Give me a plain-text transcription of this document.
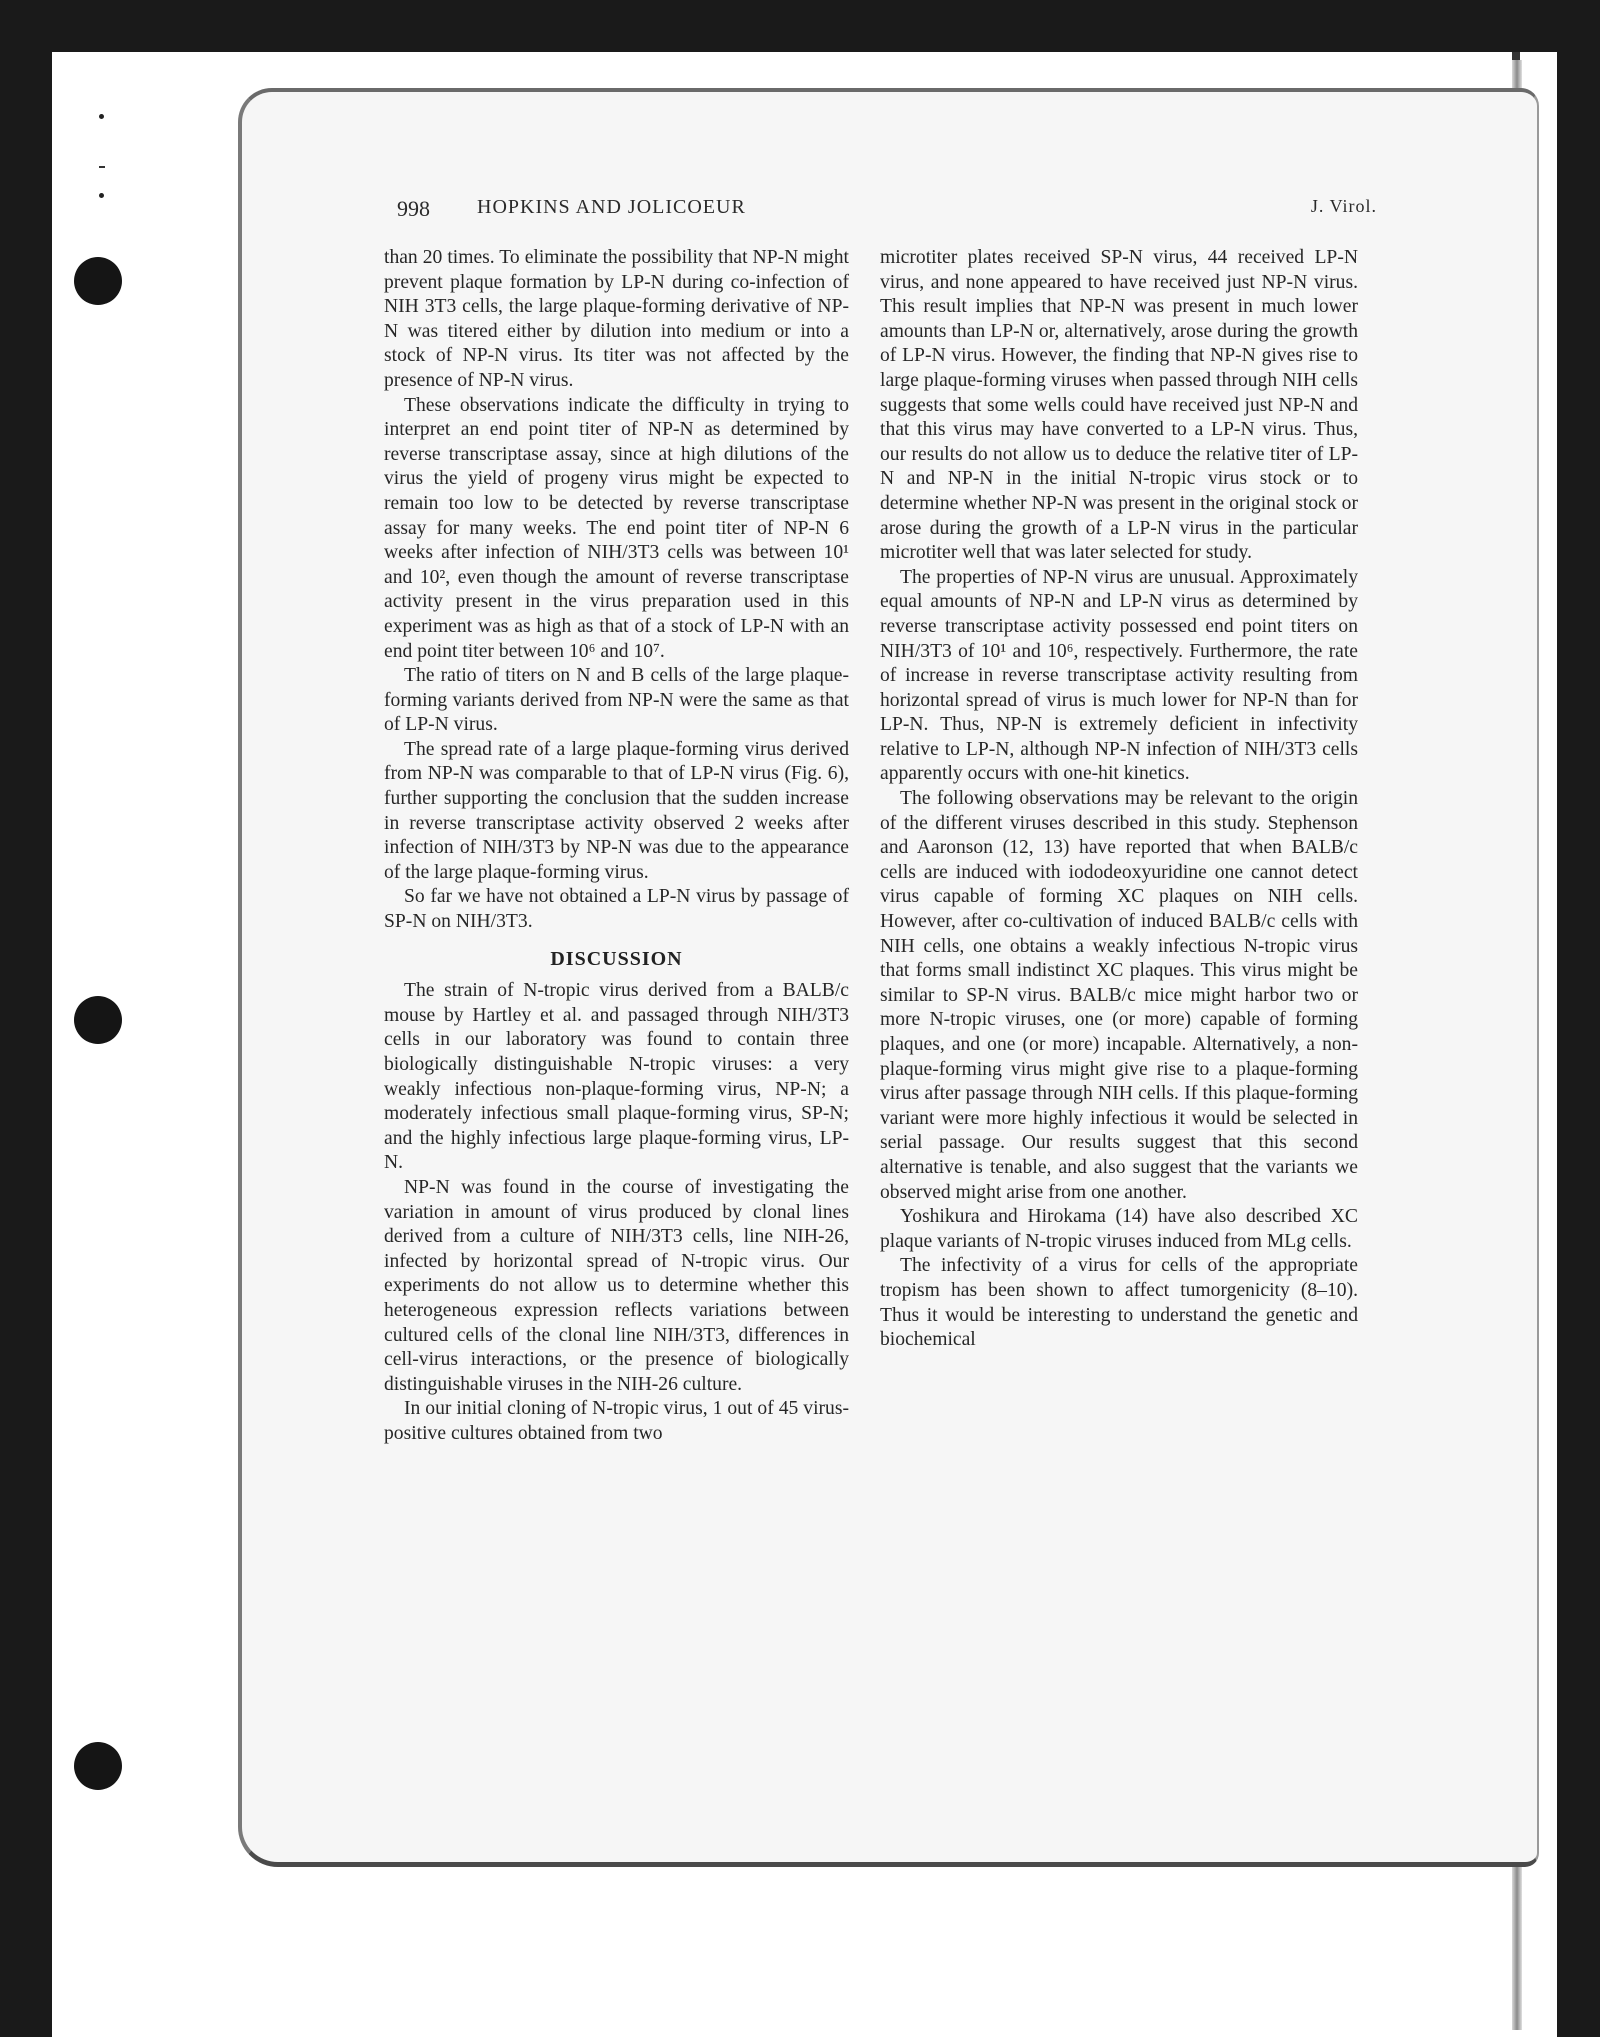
998 HOPKINS AND JOLICOEUR	J. Virol.

than 20 times. To eliminate the possibility that NP-N might prevent plaque formation by LP-N during co-infection of NIH 3T3 cells, the large plaque-forming derivative of NP-N was titered either by dilution into medium or into a stock of NP-N virus. Its titer was not affected by the presence of NP-N virus.

These observations indicate the difficulty in trying to interpret an end point titer of NP-N as determined by reverse transcriptase assay, since at high dilutions of the virus the yield of progeny virus might be expected to remain too low to be detected by reverse transcriptase assay for many weeks. The end point titer of NP-N 6 weeks after infection of NIH/3T3 cells was between 10¹ and 10², even though the amount of reverse transcriptase activity present in the virus preparation used in this experiment was as high as that of a stock of LP-N with an end point titer between 10⁶ and 10⁷.

The ratio of titers on N and B cells of the large plaque-forming variants derived from NP-N were the same as that of LP-N virus.

The spread rate of a large plaque-forming virus derived from NP-N was comparable to that of LP-N virus (Fig. 6), further supporting the conclusion that the sudden increase in reverse transcriptase activity observed 2 weeks after infection of NIH/3T3 by NP-N was due to the appearance of the large plaque-forming virus.

So far we have not obtained a LP-N virus by passage of SP-N on NIH/3T3.

DISCUSSION

The strain of N-tropic virus derived from a BALB/c mouse by Hartley et al. and passaged through NIH/3T3 cells in our laboratory was found to contain three biologically distinguishable N-tropic viruses: a very weakly infectious non-plaque-forming virus, NP-N; a moderately infectious small plaque-forming virus, SP-N; and the highly infectious large plaque-forming virus, LP-N.

NP-N was found in the course of investigating the variation in amount of virus produced by clonal lines derived from a culture of NIH/3T3 cells, line NIH-26, infected by horizontal spread of N-tropic virus. Our experiments do not allow us to determine whether this heterogeneous expression reflects variations between cultured cells of the clonal line NIH/3T3, differences in cell-virus interactions, or the presence of biologically distinguishable viruses in the NIH-26 culture.

In our initial cloning of N-tropic virus, 1 out of 45 virus-positive cultures obtained from two

microtiter plates received SP-N virus, 44 received LP-N virus, and none appeared to have received just NP-N virus. This result implies that NP-N was present in much lower amounts than LP-N or, alternatively, arose during the growth of LP-N virus. However, the finding that NP-N gives rise to large plaque-forming viruses when passed through NIH cells suggests that some wells could have received just NP-N and that this virus may have converted to a LP-N virus. Thus, our results do not allow us to deduce the relative titer of LP-N and NP-N in the initial N-tropic virus stock or to determine whether NP-N was present in the original stock or arose during the growth of a LP-N virus in the particular microtiter well that was later selected for study.

The properties of NP-N virus are unusual. Approximately equal amounts of NP-N and LP-N virus as determined by reverse transcriptase activity possessed end point titers on NIH/3T3 of 10¹ and 10⁶, respectively. Furthermore, the rate of increase in reverse transcriptase activity resulting from horizontal spread of virus is much lower for NP-N than for LP-N. Thus, NP-N is extremely deficient in infectivity relative to LP-N, although NP-N infection of NIH/3T3 cells apparently occurs with one-hit kinetics.

The following observations may be relevant to the origin of the different viruses described in this study. Stephenson and Aaronson (12, 13) have reported that when BALB/c cells are induced with iododeoxyuridine one cannot detect virus capable of forming XC plaques on NIH cells. However, after co-cultivation of induced BALB/c cells with NIH cells, one obtains a weakly infectious N-tropic virus that forms small indistinct XC plaques. This virus might be similar to SP-N virus. BALB/c mice might harbor two or more N-tropic viruses, one (or more) capable of forming plaques, and one (or more) incapable. Alternatively, a non-plaque-forming virus might give rise to a plaque-forming virus after passage through NIH cells. If this plaque-forming variant were more highly infectious it would be selected in serial passage. Our results suggest that this second alternative is tenable, and also suggest that the variants we observed might arise from one another.

Yoshikura and Hirokama (14) have also described XC plaque variants of N-tropic viruses induced from MLg cells.

The infectivity of a virus for cells of the appropriate tropism has been shown to affect tumorgenicity (8–10). Thus it would be interesting to understand the genetic and biochemical
